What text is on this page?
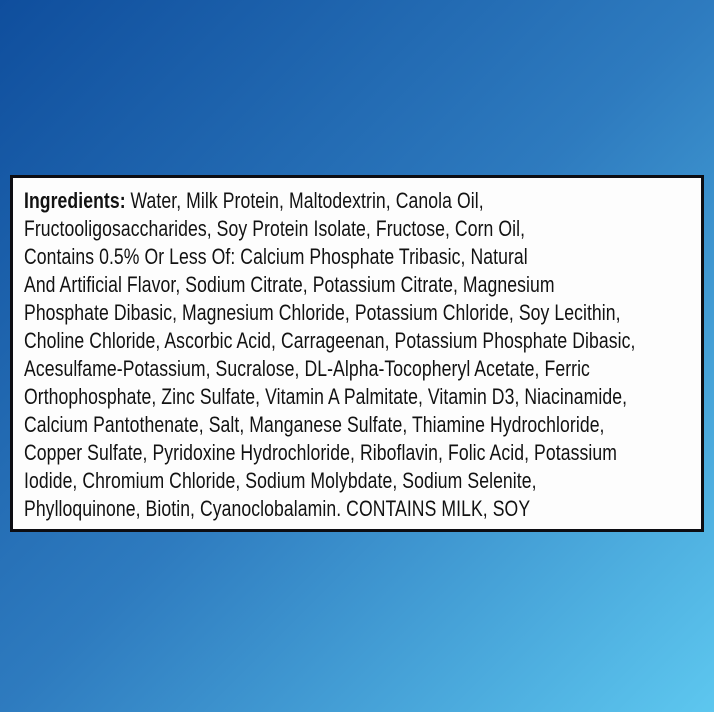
Ingredients: Water, Milk Protein, Maltodextrin, Canola Oil,
Fructooligosaccharides, Soy Protein Isolate, Fructose, Corn Oil,
Contains 0.5% Or Less Of: Calcium Phosphate Tribasic, Natural
And Artificial Flavor, Sodium Citrate, Potassium Citrate, Magnesium
Phosphate Dibasic, Magnesium Chloride, Potassium Chloride, Soy Lecithin,
Choline Chloride, Ascorbic Acid, Carrageenan, Potassium Phosphate Dibasic,
Acesulfame-Potassium, Sucralose, DL-Alpha-Tocopheryl Acetate, Ferric
Orthophosphate, Zinc Sulfate, Vitamin A Palmitate, Vitamin D3, Niacinamide,
Calcium Pantothenate, Salt, Manganese Sulfate, Thiamine Hydrochloride,
Copper Sulfate, Pyridoxine Hydrochloride, Riboflavin, Folic Acid, Potassium
Iodide, Chromium Chloride, Sodium Molybdate, Sodium Selenite,
Phylloquinone, Biotin, Cyanoclobalamin. CONTAINS MILK, SOY
